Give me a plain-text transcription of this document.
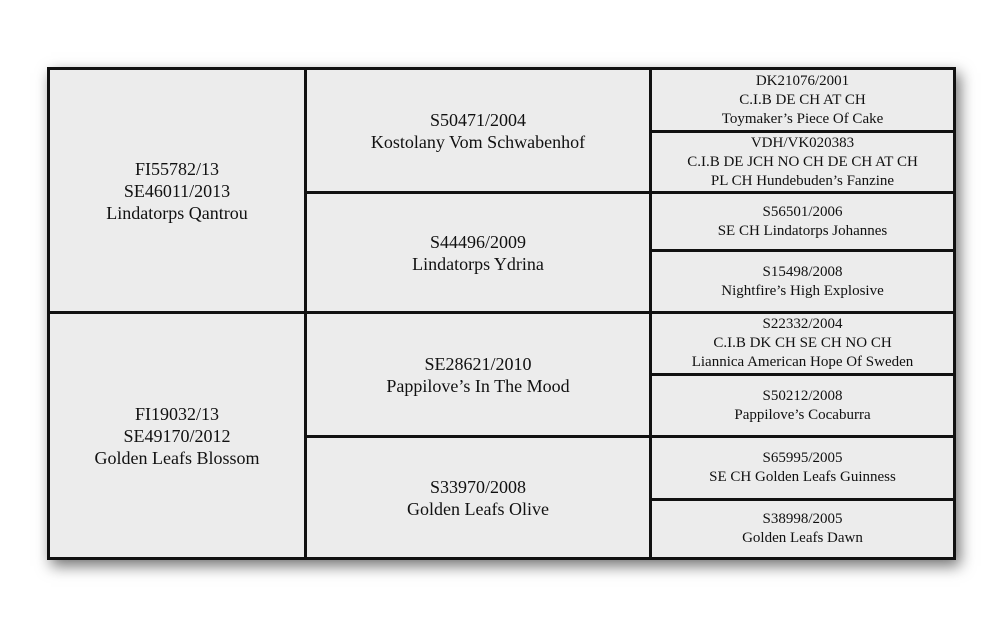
FI55782/13
SE46011/2013
Lindatorps Qantrou
FI19032/13
SE49170/2012
Golden Leafs Blossom
S50471/2004
Kostolany Vom Schwabenhof
S44496/2009
Lindatorps Ydrina
SE28621/2010
Pappilove’s In The Mood
S33970/2008
Golden Leafs Olive
DK21076/2001
C.I.B DE CH AT CH
Toymaker’s Piece Of Cake
VDH/VK020383
C.I.B DE JCH NO CH DE CH AT CH
PL CH Hundebuden’s Fanzine
S56501/2006
SE CH Lindatorps Johannes
S15498/2008
Nightfire’s High Explosive
S22332/2004
C.I.B DK CH SE CH NO CH
Liannica American Hope Of Sweden
S50212/2008
Pappilove’s Cocaburra
S65995/2005
SE CH Golden Leafs Guinness
S38998/2005
Golden Leafs Dawn
